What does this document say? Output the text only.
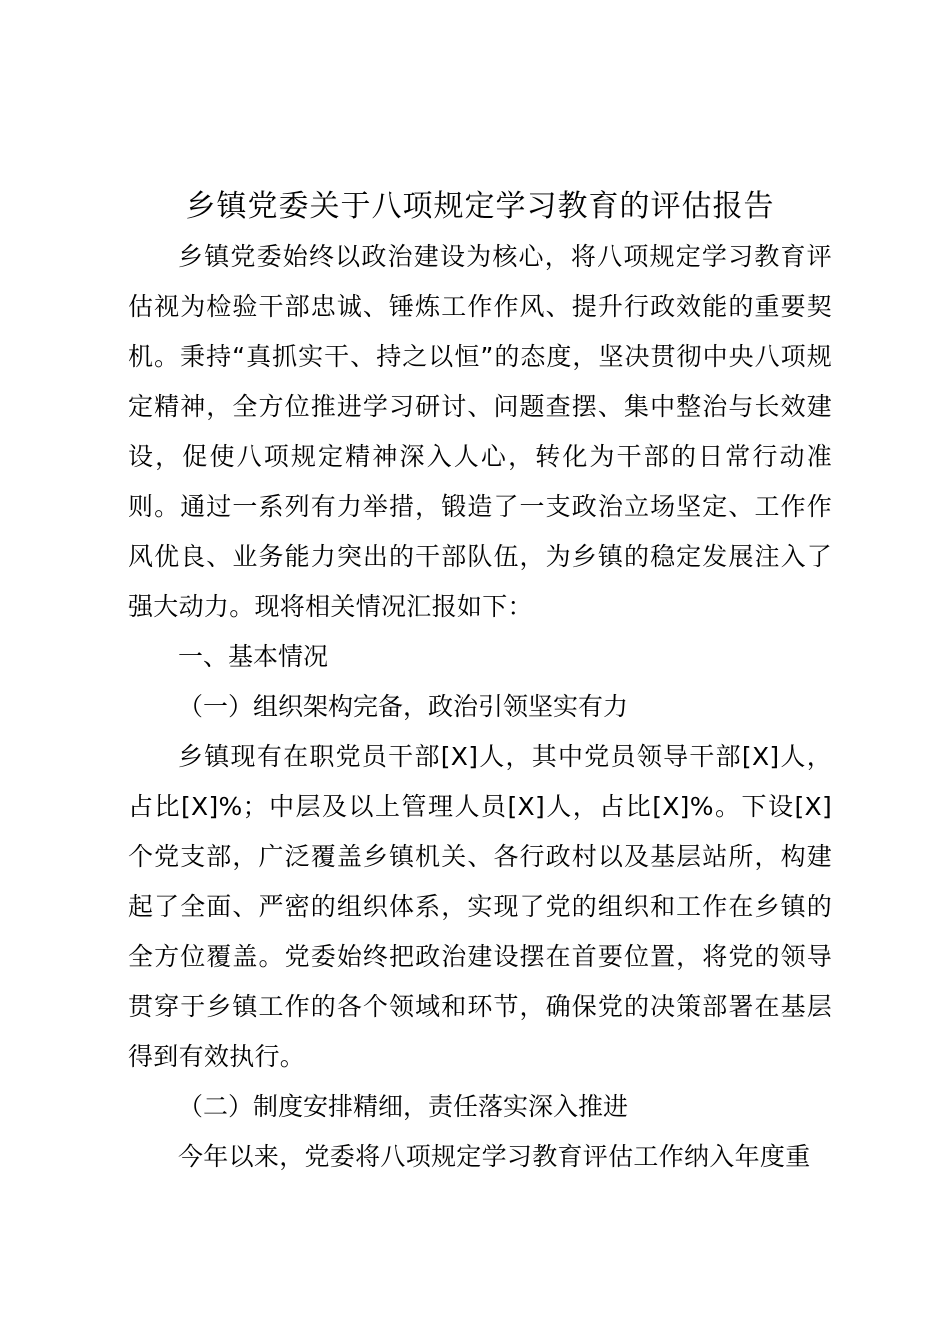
乡镇党委关于八项规定学习教育的评估报告

乡镇党委始终以政治建设为核心，将八项规定学习教育评估视为检验干部忠诚、锤炼工作作风、提升行政效能的重要契机。秉持“真抓实干、持之以恒”的态度，坚决贯彻中央八项规定精神，全方位推进学习研讨、问题查摆、集中整治与长效建设，促使八项规定精神深入人心，转化为干部的日常行动准则。通过一系列有力举措，锻造了一支政治立场坚定、工作作风优良、业务能力突出的干部队伍，为乡镇的稳定发展注入了强大动力。现将相关情况汇报如下：

一、基本情况

（一）组织架构完备，政治引领坚实有力

乡镇现有在职党员干部[X]人，其中党员领导干部[X]人，占比[X]%；中层及以上管理人员[X]人，占比[X]%。下设[X]个党支部，广泛覆盖乡镇机关、各行政村以及基层站所，构建起了全面、严密的组织体系，实现了党的组织和工作在乡镇的全方位覆盖。党委始终把政治建设摆在首要位置，将党的领导贯穿于乡镇工作的各个领域和环节，确保党的决策部署在基层得到有效执行。

（二）制度安排精细，责任落实深入推进

今年以来，党委将八项规定学习教育评估工作纳入年度重
